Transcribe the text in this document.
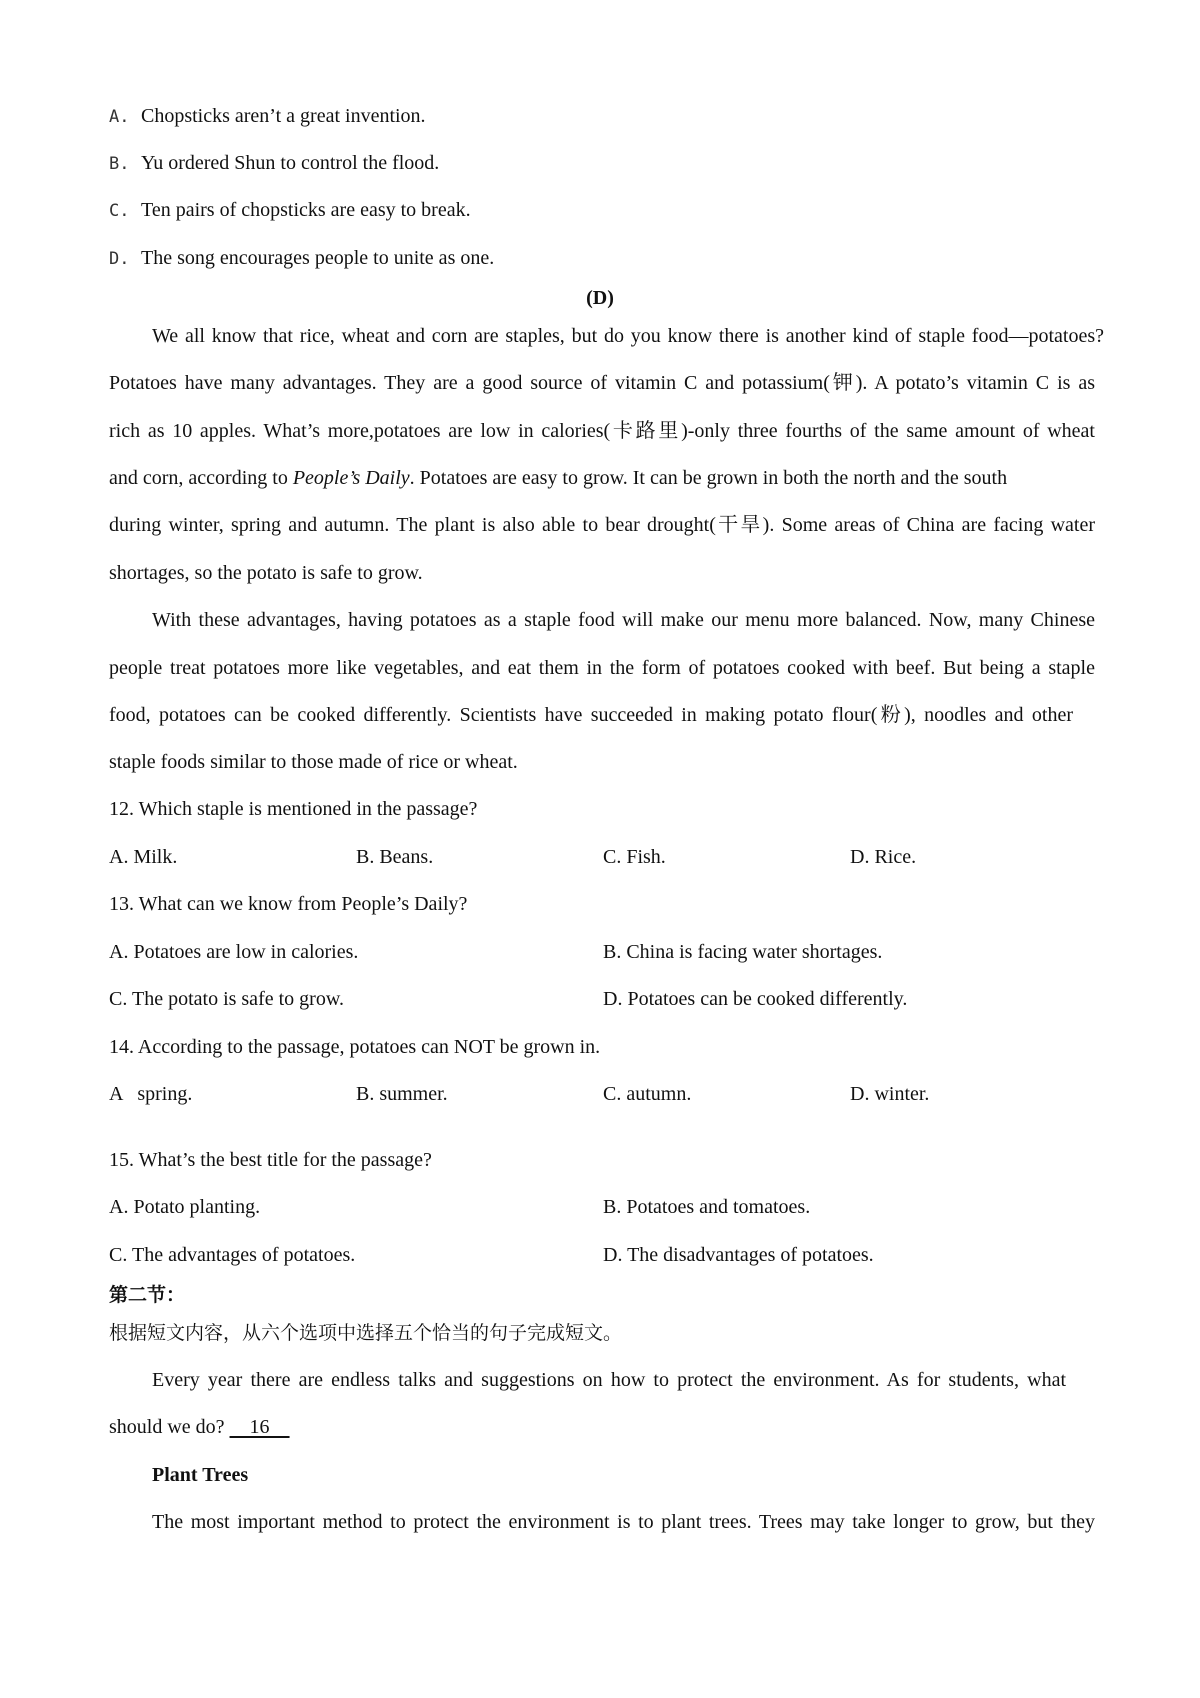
A. Chopsticks aren’t a great invention.
B. Yu ordered Shun to control the flood.
C. Ten pairs of chopsticks are easy to break.
D. The song encourages people to unite as one.
(D)
We all know that rice, wheat and corn are staples, but do you know there is another kind of staple food—potatoes?
Potatoes have many advantages. They are a good source of vitamin C and potassium(钾). A potato’s vitamin C is as
rich as 10 apples. What’s more,potatoes are low in calories(卡路里)-only three fourths of the same amount of wheat
and corn, according to People’s Daily. Potatoes are easy to grow. It can be grown in both the north and the south
during winter, spring and autumn. The plant is also able to bear drought(干旱). Some areas of China are facing water
shortages, so the potato is safe to grow.
With these advantages, having potatoes as a staple food will make our menu more balanced. Now, many Chinese
people treat potatoes more like vegetables, and eat them in the form of potatoes cooked with beef. But being a staple
food, potatoes can be cooked differently. Scientists have succeeded in making potato flour(粉), noodles and other
staple foods similar to those made of rice or wheat.
12. Which staple is mentioned in the passage?
A. Milk.	B. Beans.	C. Fish.	D. Rice.
13. What can we know from People’s Daily?
A. Potatoes are low in calories.	B. China is facing water shortages.
C. The potato is safe to grow.	D. Potatoes can be cooked differently.
14. According to the passage, potatoes can NOT be grown in.
A   spring.	B. summer.	C. autumn.	D. winter.
15. What’s the best title for the passage?
A. Potato planting.	B. Potatoes and tomatoes.
C. The advantages of potatoes.	D. The disadvantages of potatoes.
第二节：
根据短文内容，从六个选项中选择五个恰当的句子完成短文。
Every year there are endless talks and suggestions on how to protect the environment. As for students, what
should we do?     16
Plant Trees
The most important method to protect the environment is to plant trees. Trees may take longer to grow, but they
